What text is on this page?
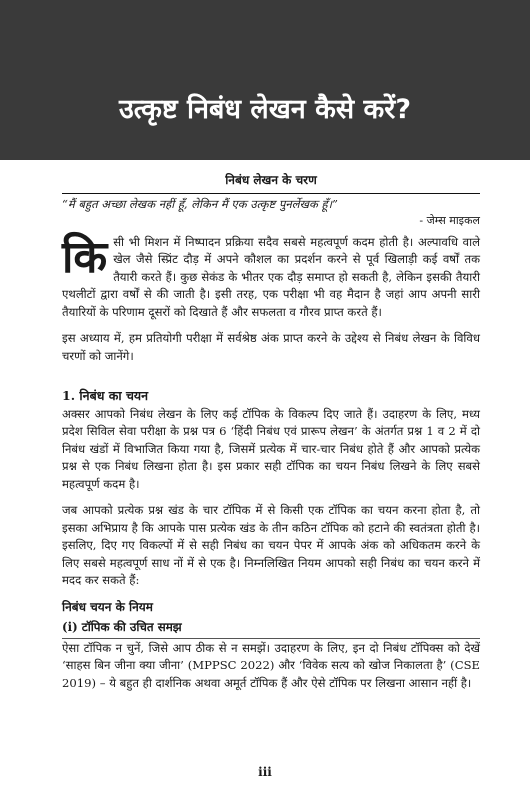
उत्कृष्ट निबंध लेखन कैसे करें?
निबंध लेखन के चरण
“मैं बहुत अच्छा लेखक नहीं हूँ, लेकिन मैं एक उत्कृष्ट पुनर्लेखक हूँ।”
- जेम्स माइकल

किसी भी मिशन में निष्पादन प्रक्रिया सदैव सबसे महत्वपूर्ण कदम होती है। अल्पावधि वाले खेल जैसे स्प्रिंट दौड़ में अपने कौशल का प्रदर्शन करने से पूर्व खिलाड़ी कई वर्षों तक तैयारी करते हैं। कुछ सेकंड के भीतर एक दौड़ समाप्त हो सकती है, लेकिन इसकी तैयारी एथलीटों द्वारा वर्षों से की जाती है। इसी तरह, एक परीक्षा भी वह मैदान है जहां आप अपनी सारी तैयारियों के परिणाम दूसरों को दिखाते हैं और सफलता व गौरव प्राप्त करते हैं।

इस अध्याय में, हम प्रतियोगी परीक्षा में सर्वश्रेष्ठ अंक प्राप्त करने के उद्देश्य से निबंध लेखन के विविध चरणों को जानेंगे।

1. निबंध का चयन

अक्सर आपको निबंध लेखन के लिए कई टॉपिक के विकल्प दिए जाते हैं। उदाहरण के लिए, मध्य प्रदेश सिविल सेवा परीक्षा के प्रश्न पत्र 6 ‘हिंदी निबंध एवं प्रारूप लेखन’ के अंतर्गत प्रश्न 1 व 2 में दो निबंध खंडों में विभाजित किया गया है, जिसमें प्रत्येक में चार-चार निबंध होते हैं और आपको प्रत्येक प्रश्न से एक निबंध लिखना होता है। इस प्रकार सही टॉपिक का चयन निबंध लिखने के लिए सबसे महत्वपूर्ण कदम है।

जब आपको प्रत्येक प्रश्न खंड के चार टॉपिक में से किसी एक टॉपिक का चयन करना होता है, तो इसका अभिप्राय है कि आपके पास प्रत्येक खंड के तीन कठिन टॉपिक को हटाने की स्वतंत्रता होती है। इसलिए, दिए गए विकल्पों में से सही निबंध का चयन पेपर में आपके अंक को अधिकतम करने के लिए सबसे महत्वपूर्ण साध नों में से एक है। निम्नलिखित नियम आपको सही निबंध का चयन करने में मदद कर सकते हैं:

निबंध चयन के नियम
(i) टॉपिक की उचित समझ

ऐसा टॉपिक न चुनें, जिसे आप ठीक से न समझें। उदाहरण के लिए, इन दो निबंध टॉपिक्स को देखें ‘साहस बिन जीना क्या जीना’ (MPPSC 2022) और ‘विवेक सत्य को खोज निकालता है’ (CSE 2019) – ये बहुत ही दार्शनिक अथवा अमूर्त टॉपिक हैं और ऐसे टॉपिक पर लिखना आसान नहीं है।

iii
